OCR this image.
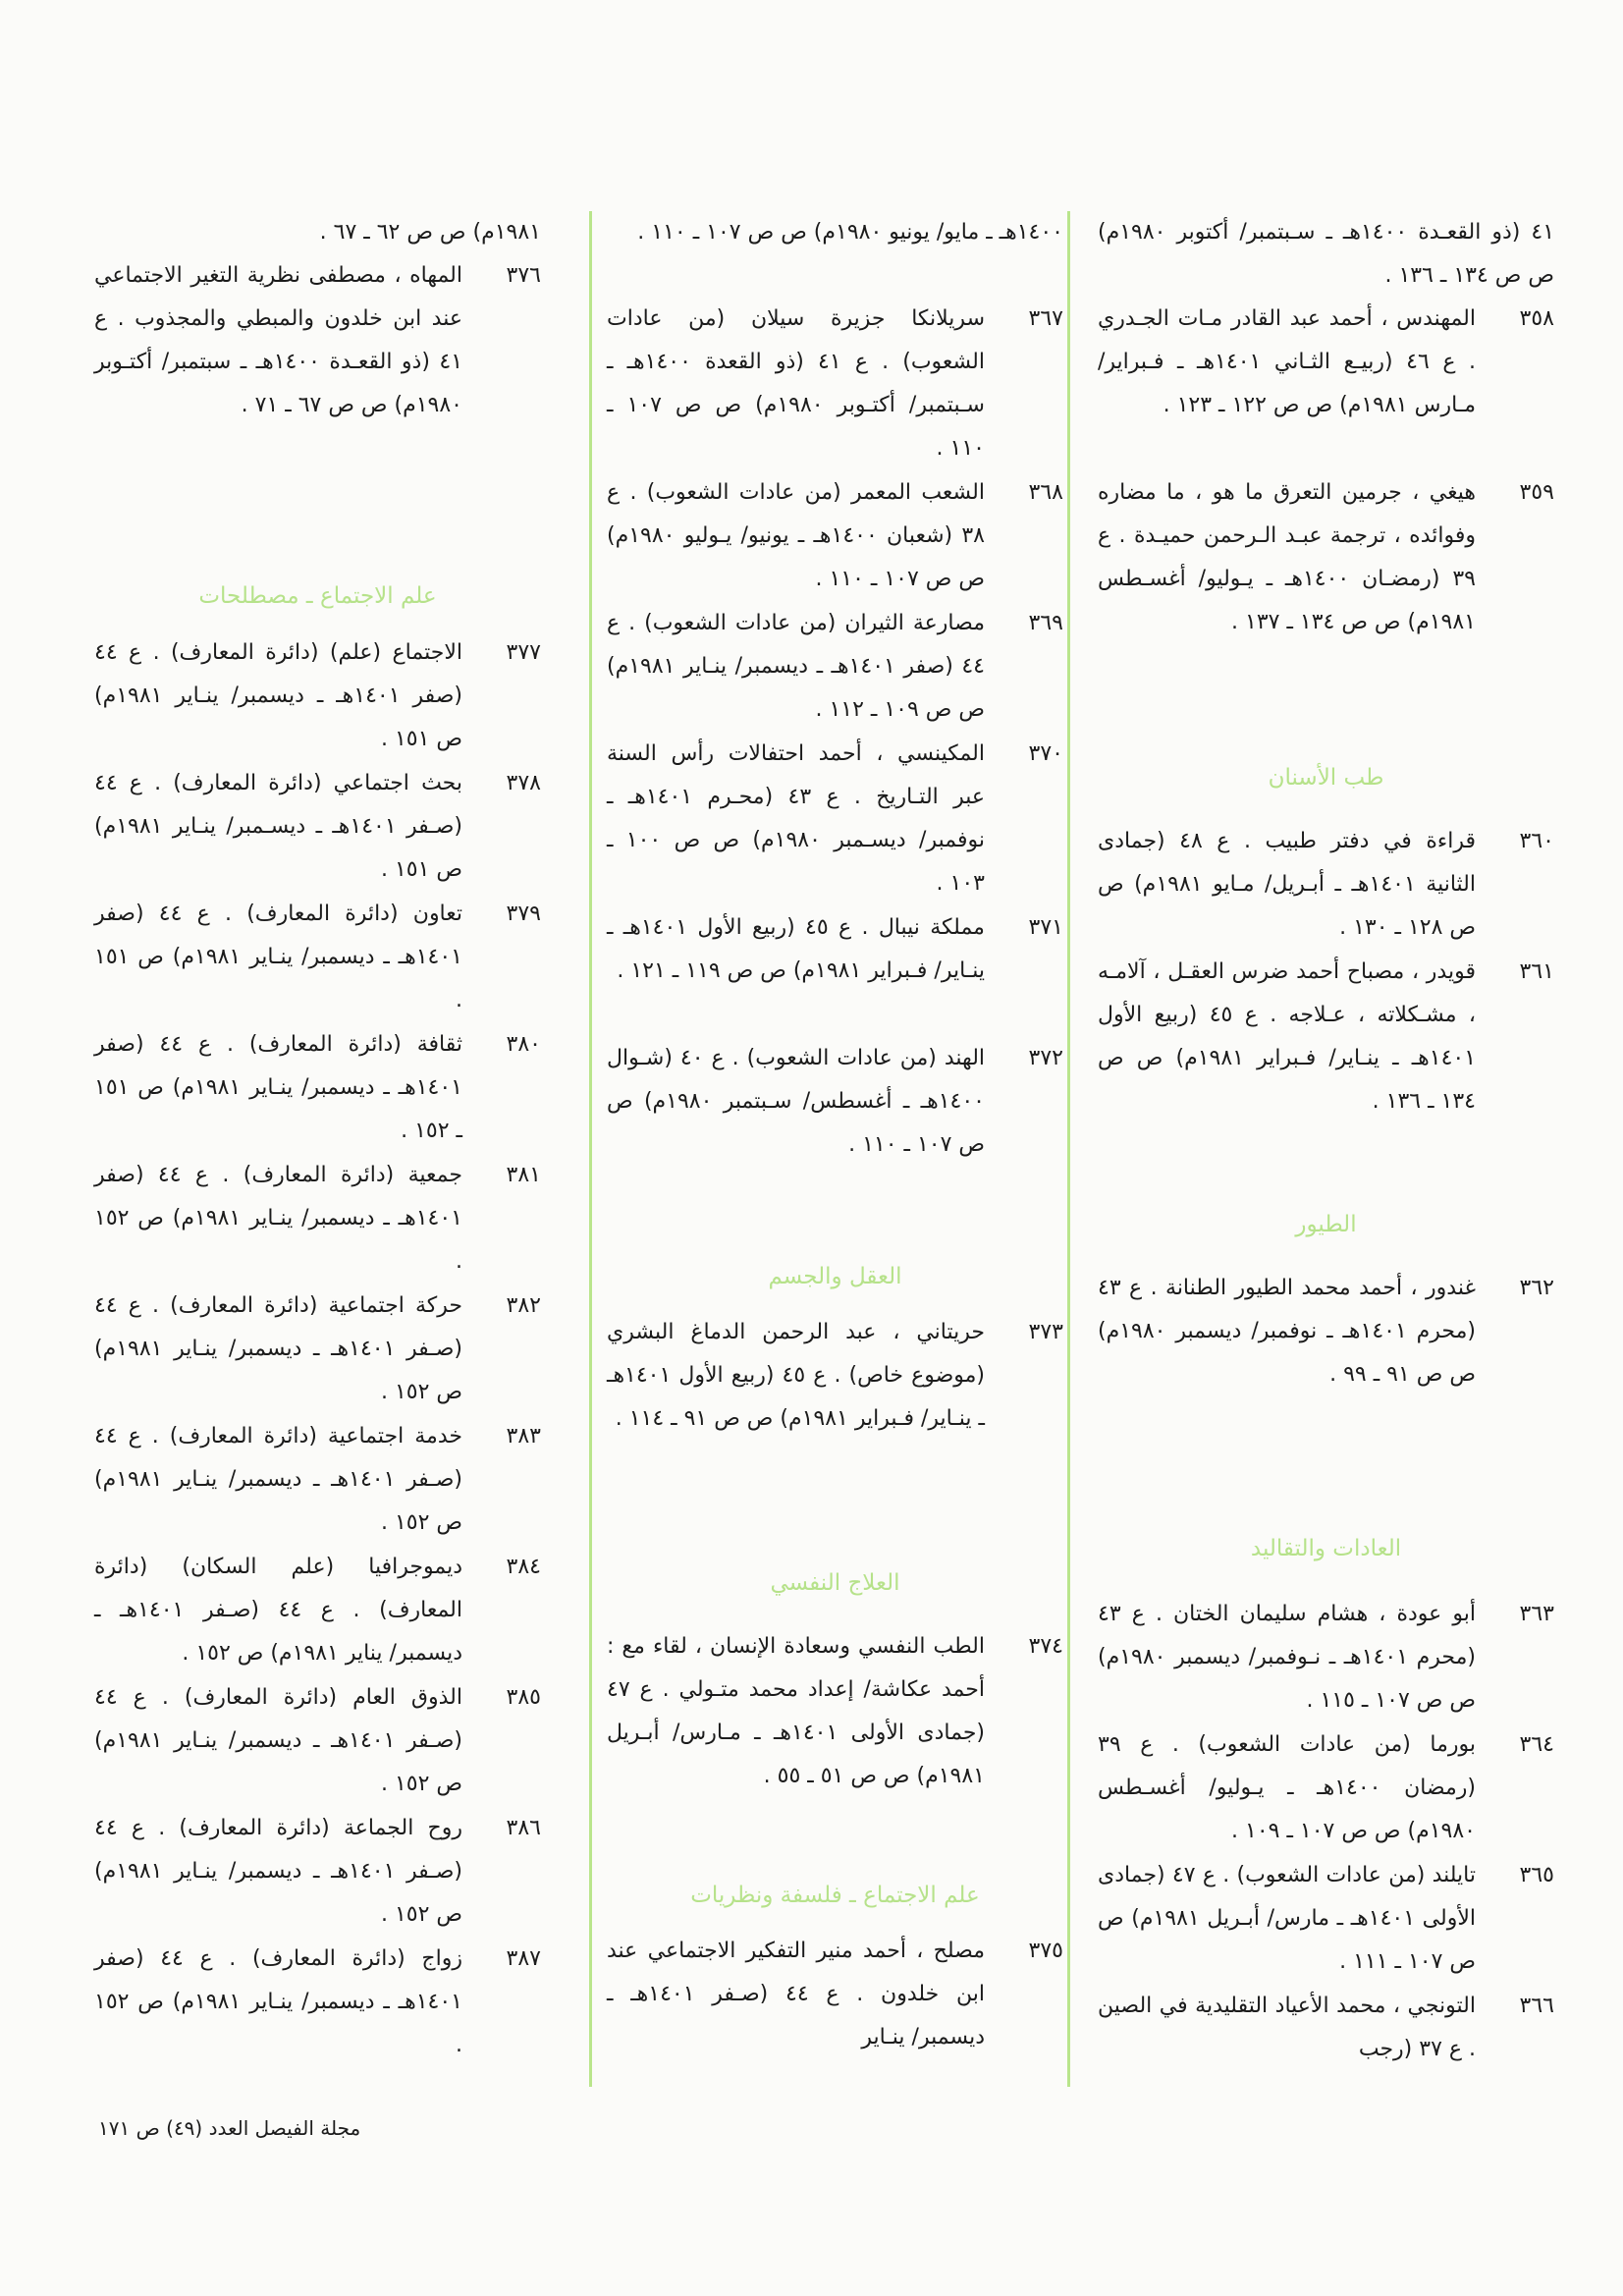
٤١ (ذو القعـدة ١٤٠٠هـ ـ سـبتمبر/ أكتوبر ١٩٨٠م) ص ص ١٣٤ ـ ١٣٦ .
٣٥٨
المهندس ، أحمد عبد القادر مـات الجـدري . ع ٤٦ (ربيـع الثـاني ١٤٠١هـ ـ فـبراير/ مـارس ١٩٨١م) ص ص ١٢٢ ـ ١٢٣ .
٣٥٩
هيغي ، جرمين التعرق ما هو ، ما مضاره وفوائده ، ترجمة عبـد الـرحمن حميـدة . ع ٣٩ (رمضـان ١٤٠٠هـ ـ يـوليو/ أغسـطس ١٩٨١م) ص ص ١٣٤ ـ ١٣٧ .
طب الأسنان
٣٦٠
قراءة في دفتر طبيب . ع ٤٨ (جمادى الثانية ١٤٠١هـ ـ أبـريل/ مـايو ١٩٨١م) ص ص ١٢٨ ـ ١٣٠ .
٣٦١
قويدر ، مصباح أحمد ضرس العقـل ، آلامـه ، مشـكلاته ، عـلاجه . ع ٤٥ (ربيع الأول ١٤٠١هـ ـ ينـاير/ فـبراير ١٩٨١م) ص ص ١٣٤ ـ ١٣٦ .
الطيور
٣٦٢
غندور ، أحمد محمد الطيور الطنانة . ع ٤٣ (محرم ١٤٠١هـ ـ نوفمبر/ ديسمبر ١٩٨٠م) ص ص ٩١ ـ ٩٩ .
العادات والتقاليد
٣٦٣
أبو عودة ، هشام سليمان الختان . ع ٤٣ (محرم ١٤٠١هـ ـ نـوفمبر/ ديسمبر ١٩٨٠م) ص ص ١٠٧ ـ ١١٥ .
٣٦٤
بورما (من عادات الشعوب) . ع ٣٩ (رمضان ١٤٠٠هـ ـ يـوليو/ أغسـطس ١٩٨٠م) ص ص ١٠٧ ـ ١٠٩ .
٣٦٥
تايلند (من عادات الشعوب) . ع ٤٧ (جمادى الأولى ١٤٠١هـ ـ مارس/ أبـريل ١٩٨١م) ص ص ١٠٧ ـ ١١١ .
٣٦٦
التونجي ، محمد الأعياد التقليدية في الصين . ع ٣٧ (رجب
١٤٠٠هـ ـ مايو/ يونيو ١٩٨٠م) ص ص ١٠٧ ـ ١١٠ .
٣٦٧
سريلانكا جزيرة سيلان (من عادات الشعوب) . ع ٤١ (ذو القعدة ١٤٠٠هـ ـ سـبتمبر/ أكتـوبر ١٩٨٠م) ص ص ١٠٧ ـ ١١٠ .
٣٦٨
الشعب المعمر (من عادات الشعوب) . ع ٣٨ (شعبان ١٤٠٠هـ ـ يونيو/ يـوليو ١٩٨٠م) ص ص ١٠٧ ـ ١١٠ .
٣٦٩
مصارعة الثيران (من عادات الشعوب) . ع ٤٤ (صفر ١٤٠١هـ ـ ديسمبر/ ينـاير ١٩٨١م) ص ص ١٠٩ ـ ١١٢ .
٣٧٠
المكينسي ، أحمد احتفالات رأس السنة عبر التـاريخ . ع ٤٣ (محـرم ١٤٠١هـ ـ نوفمبر/ ديسـمبر ١٩٨٠م) ص ص ١٠٠ ـ ١٠٣ .
٣٧١
مملكة نيبال . ع ٤٥ (ربيع الأول ١٤٠١هـ ـ ينـاير/ فـبراير ١٩٨١م) ص ص ١١٩ ـ ١٢١ .
٣٧٢
الهند (من عادات الشعوب) . ع ٤٠ (شـوال ١٤٠٠هـ ـ أغسطس/ سـبتمبر ١٩٨٠م) ص ص ١٠٧ ـ ١١٠ .
العقل والجسم
٣٧٣
حريتاني ، عبد الرحمن الدماغ البشري (موضوع خاص) . ع ٤٥ (ربيع الأول ١٤٠١هـ ـ ينـاير/ فـبراير ١٩٨١م) ص ص ٩١ ـ ١١٤ .
العلاج النفسي
٣٧٤
الطب النفسي وسعادة الإنسان ، لقاء مع : أحمد عكاشة/ إعداد محمد متـولي . ع ٤٧ (جمادى الأولى ١٤٠١هـ ـ مـارس/ أبـريل ١٩٨١م) ص ص ٥١ ـ ٥٥ .
علم الاجتماع ـ فلسفة ونظريات
٣٧٥
مصلح ، أحمد منير التفكير الاجتماعي عند ابن خلدون . ع ٤٤ (صـفر ١٤٠١هـ ـ ديسمبر/ ينـاير
١٩٨١م) ص ص ٦٢ ـ ٦٧ .
٣٧٦
المهاه ، مصطفى نظرية التغير الاجتماعي عند ابن خلدون والمبطي والمجذوب . ع ٤١ (ذو القعـدة ١٤٠٠هـ ـ سبتمبر/ أكتـوبر ١٩٨٠م) ص ص ٦٧ ـ ٧١ .
علم الاجتماع ـ مصطلحات
٣٧٧
الاجتماع (علم) (دائرة المعارف) . ع ٤٤ (صفر ١٤٠١هـ ـ ديسمبر/ ينـاير ١٩٨١م) ص ١٥١ .
٣٧٨
بحث اجتماعي (دائرة المعارف) . ع ٤٤ (صـفر ١٤٠١هـ ـ ديسـمبر/ ينـاير ١٩٨١م) ص ١٥١ .
٣٧٩
تعاون (دائرة المعارف) . ع ٤٤ (صفر ١٤٠١هـ ـ ديسمبر/ ينـاير ١٩٨١م) ص ١٥١ .
٣٨٠
ثقافة (دائرة المعارف) . ع ٤٤ (صفر ١٤٠١هـ ـ ديسمبر/ ينـاير ١٩٨١م) ص ١٥١ ـ ١٥٢ .
٣٨١
جمعية (دائرة المعارف) . ع ٤٤ (صفر ١٤٠١هـ ـ ديسمبر/ ينـاير ١٩٨١م) ص ١٥٢ .
٣٨٢
حركة اجتماعية (دائرة المعارف) . ع ٤٤ (صـفر ١٤٠١هـ ـ ديسمبر/ ينـاير ١٩٨١م) ص ١٥٢ .
٣٨٣
خدمة اجتماعية (دائرة المعارف) . ع ٤٤ (صـفر ١٤٠١هـ ـ ديسمبر/ ينـاير ١٩٨١م) ص ١٥٢ .
٣٨٤
ديموجرافيا (علم السكان) (دائرة المعارف) . ع ٤٤ (صـفر ١٤٠١هـ ـ ديسمبر/ يناير ١٩٨١م) ص ١٥٢ .
٣٨٥
الذوق العام (دائرة المعارف) . ع ٤٤ (صـفر ١٤٠١هـ ـ ديسمبر/ ينـاير ١٩٨١م) ص ١٥٢ .
٣٨٦
روح الجماعة (دائرة المعارف) . ع ٤٤ (صـفر ١٤٠١هـ ـ ديسمبر/ ينـاير ١٩٨١م) ص ١٥٢ .
٣٨٧
زواج (دائرة المعارف) . ع ٤٤ (صفر ١٤٠١هـ ـ ديسمبر/ ينـاير ١٩٨١م) ص ١٥٢ .
مجلة الفيصل العدد (٤٩) ص ١٧١
